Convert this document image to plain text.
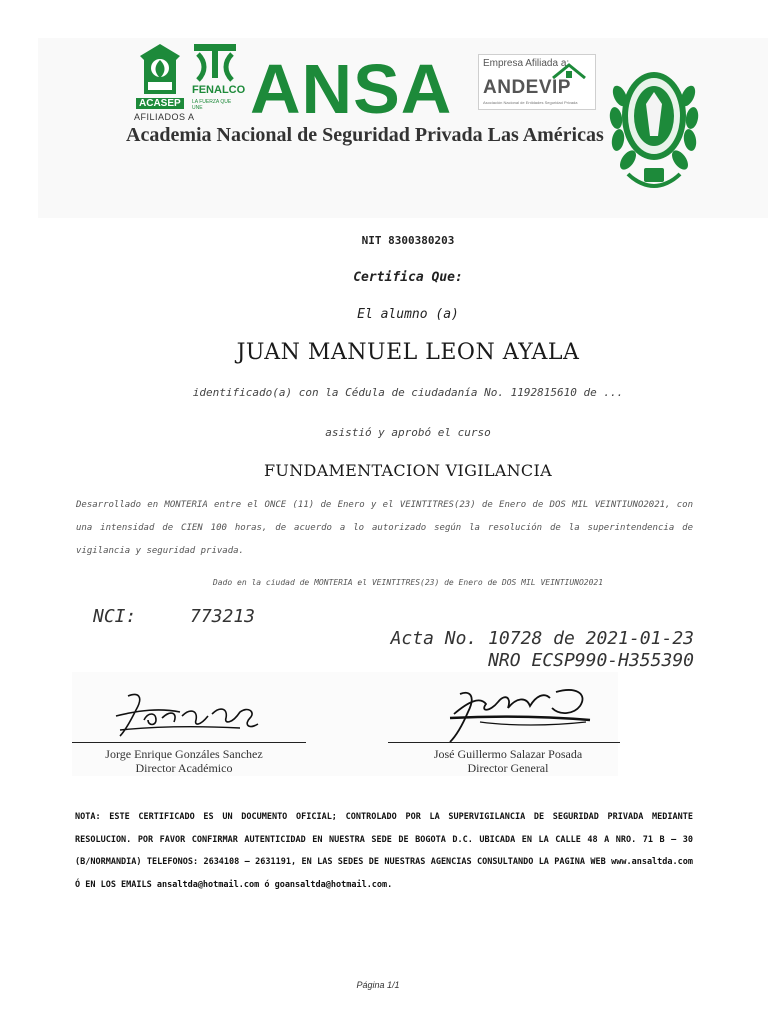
ACASEP
AFILIADOS A
FENALCO
LA FUERZA QUE UNE ANSA	Empresa Afiliada a:
ANDEVIP
Asociación Nacional de Entidades Seguridad Privada
Academia Nacional de Seguridad Privada Las Américas
NIT 8300380203
Certifica Que:
El alumno (a)
JUAN MANUEL LEON AYALA
identificado(a) con la Cédula de ciudadanía No. 1192815610 de ...
asistió y aprobó el curso
FUNDAMENTACION VIGILANCIA
Desarrollado en MONTERIA entre el ONCE (11) de Enero y el VEINTITRES(23) de Enero de DOS MIL VEINTIUNO2021, con una intensidad de CIEN 100 horas, de acuerdo a lo autorizado según la resolución de la superintendencia de vigilancia y seguridad privada.
Dado en la ciudad de MONTERIA el VEINTITRES(23) de Enero de DOS MIL VEINTIUNO2021
NCI:	773213
Acta No. 10728 de 2021-01-23
NRO ECSP990-H355390
Jorge Enrique Gonzáles Sanchez
Director Académico
José Guillermo Salazar Posada
Director General
NOTA: ESTE CERTIFICADO ES UN DOCUMENTO OFICIAL; CONTROLADO POR LA SUPERVIGILANCIA DE SEGURIDAD PRIVADA MEDIANTE RESOLUCION. POR FAVOR CONFIRMAR AUTENTICIDAD EN NUESTRA SEDE DE BOGOTA D.C. UBICADA EN LA CALLE 48 A NRO. 71 B – 30 (B/NORMANDIA) TELEFONOS: 2634108 – 2631191, EN LAS SEDES DE NUESTRAS AGENCIAS CONSULTANDO LA PAGINA WEB www.ansaltda.com Ó EN LOS EMAILS ansaltda@hotmail.com ó goansaltda@hotmail.com.
Página 1/1
